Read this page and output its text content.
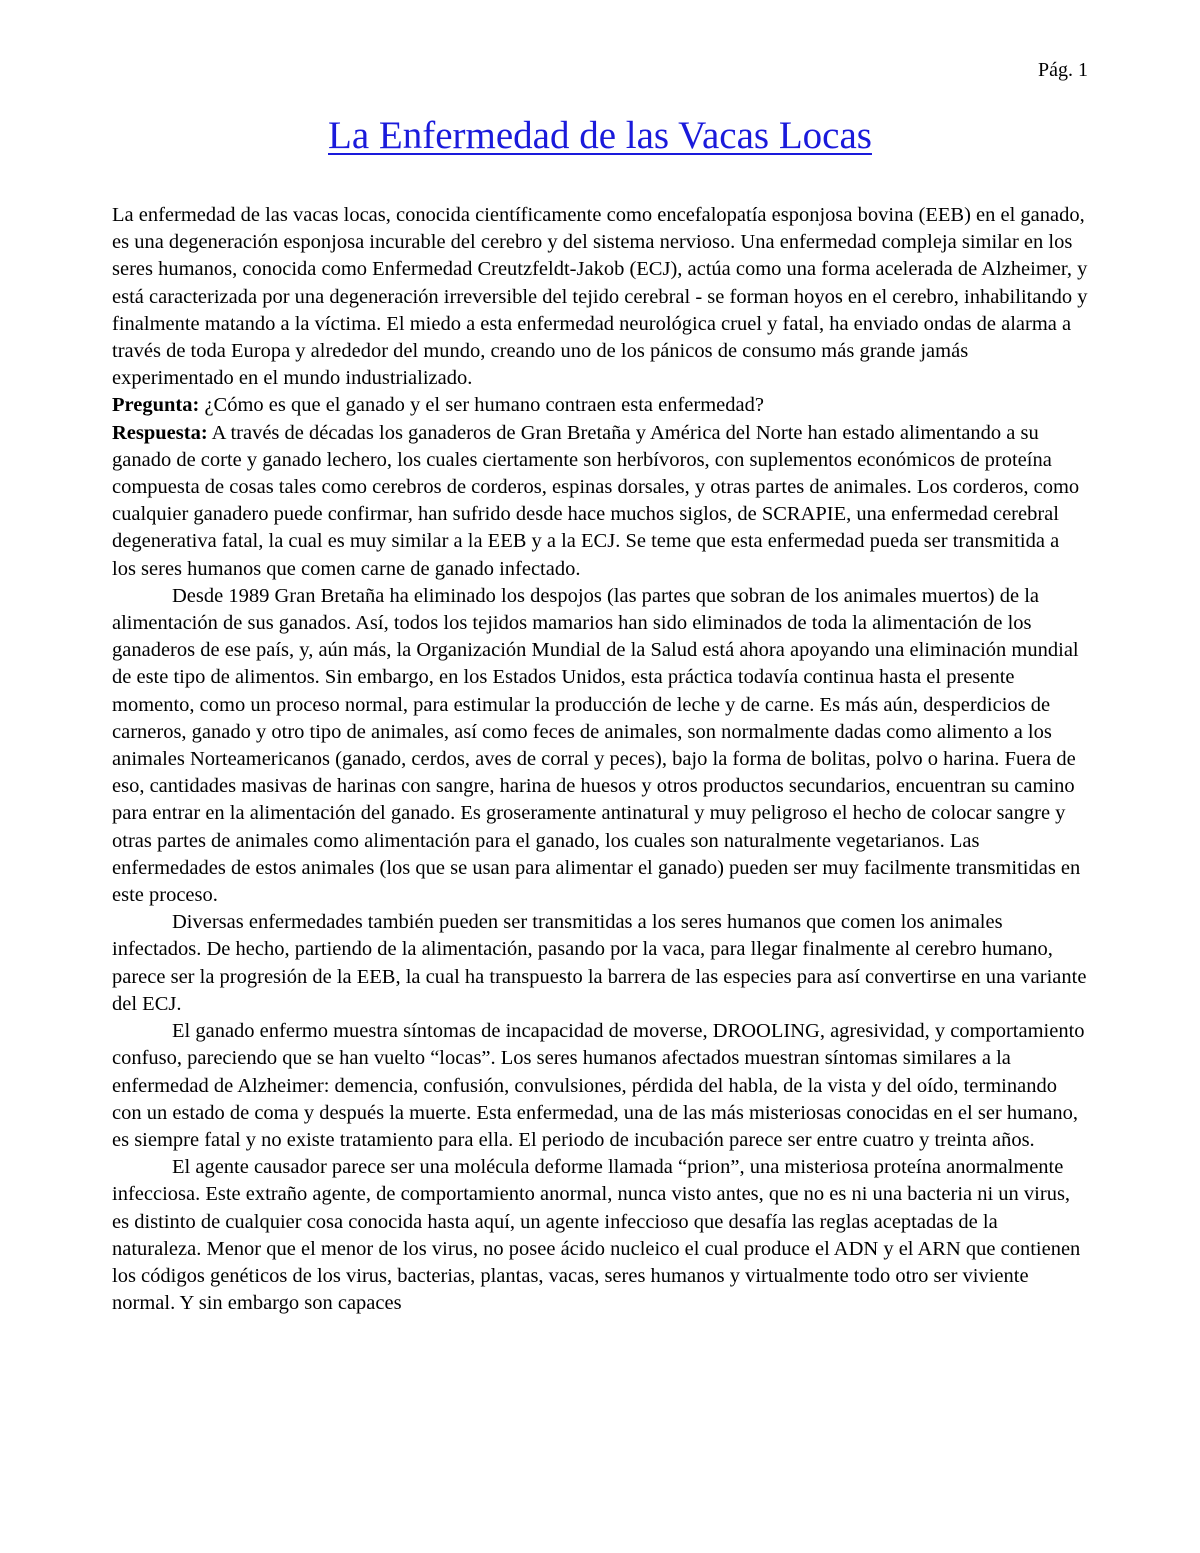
Pág. 1
La Enfermedad de las Vacas Locas

La enfermedad de las vacas locas, conocida científicamente como encefalopatía esponjosa bovina (EEB) en el ganado, es una degeneración esponjosa incurable del cerebro y del sistema nervioso. Una enfermedad compleja similar en los seres humanos, conocida como Enfermedad Creutzfeldt-Jakob (ECJ), actúa como una forma acelerada de Alzheimer, y está caracterizada por una degeneración irreversible del tejido cerebral - se forman hoyos en el cerebro, inhabilitando y finalmente matando a la víctima. El miedo a esta enfermedad neurológica cruel y fatal, ha enviado ondas de alarma a través de toda Europa y alrededor del mundo, creando uno de los pánicos de consumo más grande jamás experimentado en el mundo industrializado.

Pregunta: ¿Cómo es que el ganado y el ser humano contraen esta enfermedad?

Respuesta: A través de décadas los ganaderos de Gran Bretaña y América del Norte han estado alimentando a su ganado de corte y ganado lechero, los cuales ciertamente son herbívoros, con suplementos económicos de proteína compuesta de cosas tales como cerebros de corderos, espinas dorsales, y otras partes de animales. Los corderos, como cualquier ganadero puede confirmar, han sufrido desde hace muchos siglos, de SCRAPIE, una enfermedad cerebral degenerativa fatal, la cual es muy similar a la EEB y a la ECJ. Se teme que esta enfermedad pueda ser transmitida a los seres humanos que comen carne de ganado infectado.

Desde 1989 Gran Bretaña ha eliminado los despojos (las partes que sobran de los animales muertos) de la alimentación de sus ganados. Así, todos los tejidos mamarios han sido eliminados de toda la alimentación de los ganaderos de ese país, y, aún más, la Organización Mundial de la Salud está ahora apoyando una eliminación mundial de este tipo de alimentos. Sin embargo, en los Estados Unidos, esta práctica todavía continua hasta el presente momento, como un proceso normal, para estimular la producción de leche y de carne. Es más aún, desperdicios de carneros, ganado y otro tipo de animales, así como feces de animales, son normalmente dadas como alimento a los animales Norteamericanos (ganado, cerdos, aves de corral y peces), bajo la forma de bolitas, polvo o harina. Fuera de eso, cantidades masivas de harinas con sangre, harina de huesos y otros productos secundarios, encuentran su camino para entrar en la alimentación del ganado. Es groseramente antinatural y muy peligroso el hecho de colocar sangre y otras partes de animales como alimentación para el ganado, los cuales son naturalmente vegetarianos. Las enfermedades de estos animales (los que se usan para alimentar el ganado) pueden ser muy facilmente transmitidas en este proceso.

Diversas enfermedades también pueden ser transmitidas a los seres humanos que comen los animales infectados. De hecho, partiendo de la alimentación, pasando por la vaca, para llegar finalmente al cerebro humano, parece ser la progresión de la EEB, la cual ha transpuesto la barrera de las especies para así convertirse en una variante del ECJ.

El ganado enfermo muestra síntomas de incapacidad de moverse, DROOLING, agresividad, y comportamiento confuso, pareciendo que se han vuelto “locas”. Los seres humanos afectados muestran síntomas similares a la enfermedad de Alzheimer: demencia, confusión, convulsiones, pérdida del habla, de la vista y del oído, terminando con un estado de coma y después la muerte. Esta enfermedad, una de las más misteriosas conocidas en el ser humano, es siempre fatal y no existe tratamiento para ella. El periodo de incubación parece ser entre cuatro y treinta años.

El agente causador parece ser una molécula deforme llamada “prion”, una misteriosa proteína anormalmente infecciosa. Este extraño agente, de comportamiento anormal, nunca visto antes, que no es ni una bacteria ni un virus, es distinto de cualquier cosa conocida hasta aquí, un agente infeccioso que desafía las reglas aceptadas de la naturaleza. Menor que el menor de los virus, no posee ácido nucleico el cual produce el ADN y el ARN que contienen los códigos genéticos de los virus, bacterias, plantas, vacas, seres humanos y virtualmente todo otro ser viviente normal. Y sin embargo son capaces
